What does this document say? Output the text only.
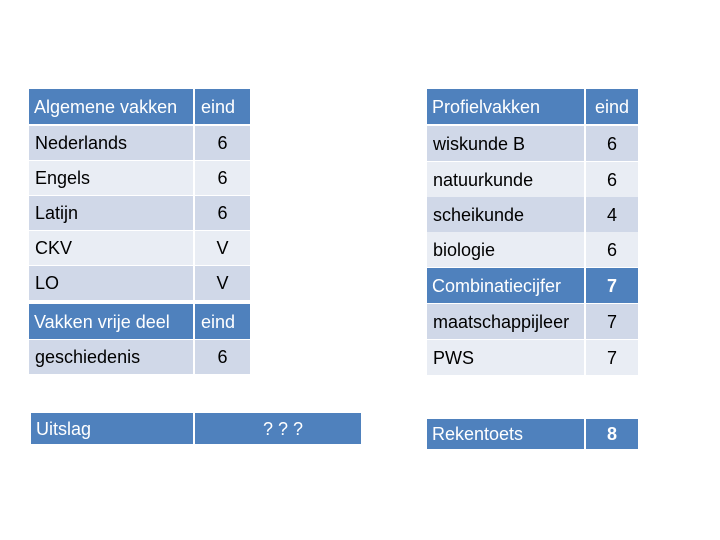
Algemene vakken	eind
Nederlands	6
Engels	6
Latijn	6
CKV	V
LO	V
Vakken vrije deel	eind
geschiedenis	6
Uitslag	? ? ?
Profielvakken	eind
wiskunde B	6
natuurkunde	6
scheikunde	4
biologie	6
Combinatiecijfer	7
maatschappijleer	7
PWS	7
Rekentoets	8
